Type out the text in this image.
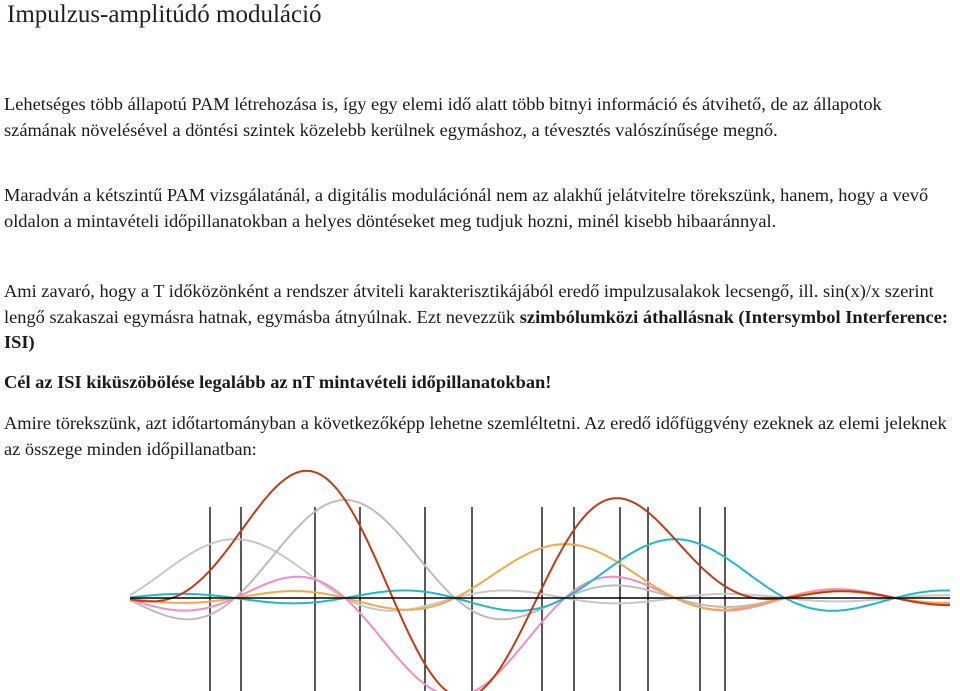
Impulzus-amplitúdó moduláció

Lehetséges több állapotú PAM létrehozása is, így egy elemi idő alatt több bitnyi információ és átvihető, de az állapotok számának növelésével a döntési szintek közelebb kerülnek egymáshoz, a tévesztés valószínűsége megnő.

Maradván a kétszintű PAM vizsgálatánál, a digitális modulációnál nem az alakhű jelátvitelre törekszünk, hanem, hogy a vevő oldalon a mintavételi időpillanatokban a helyes döntéseket meg tudjuk hozni, minél kisebb hibaaránnyal.

Ami zavaró, hogy a T időközönként a rendszer átviteli karakterisztikájából eredő impulzusalakok lecsengő, ill. sin(x)/x szerint lengő szakaszai egymásra hatnak, egymásba átnyúlnak. Ezt nevezzük szimbólumközi áthallásnak (Intersymbol Interference: ISI)

Cél az ISI kiküszöbölése legalább az nT mintavételi időpillanatokban!

Amire törekszünk, azt időtartományban a következőképp lehetne szemléltetni. Az eredő időfüggvény ezeknek az elemi jeleknek az összege minden időpillanatban:
